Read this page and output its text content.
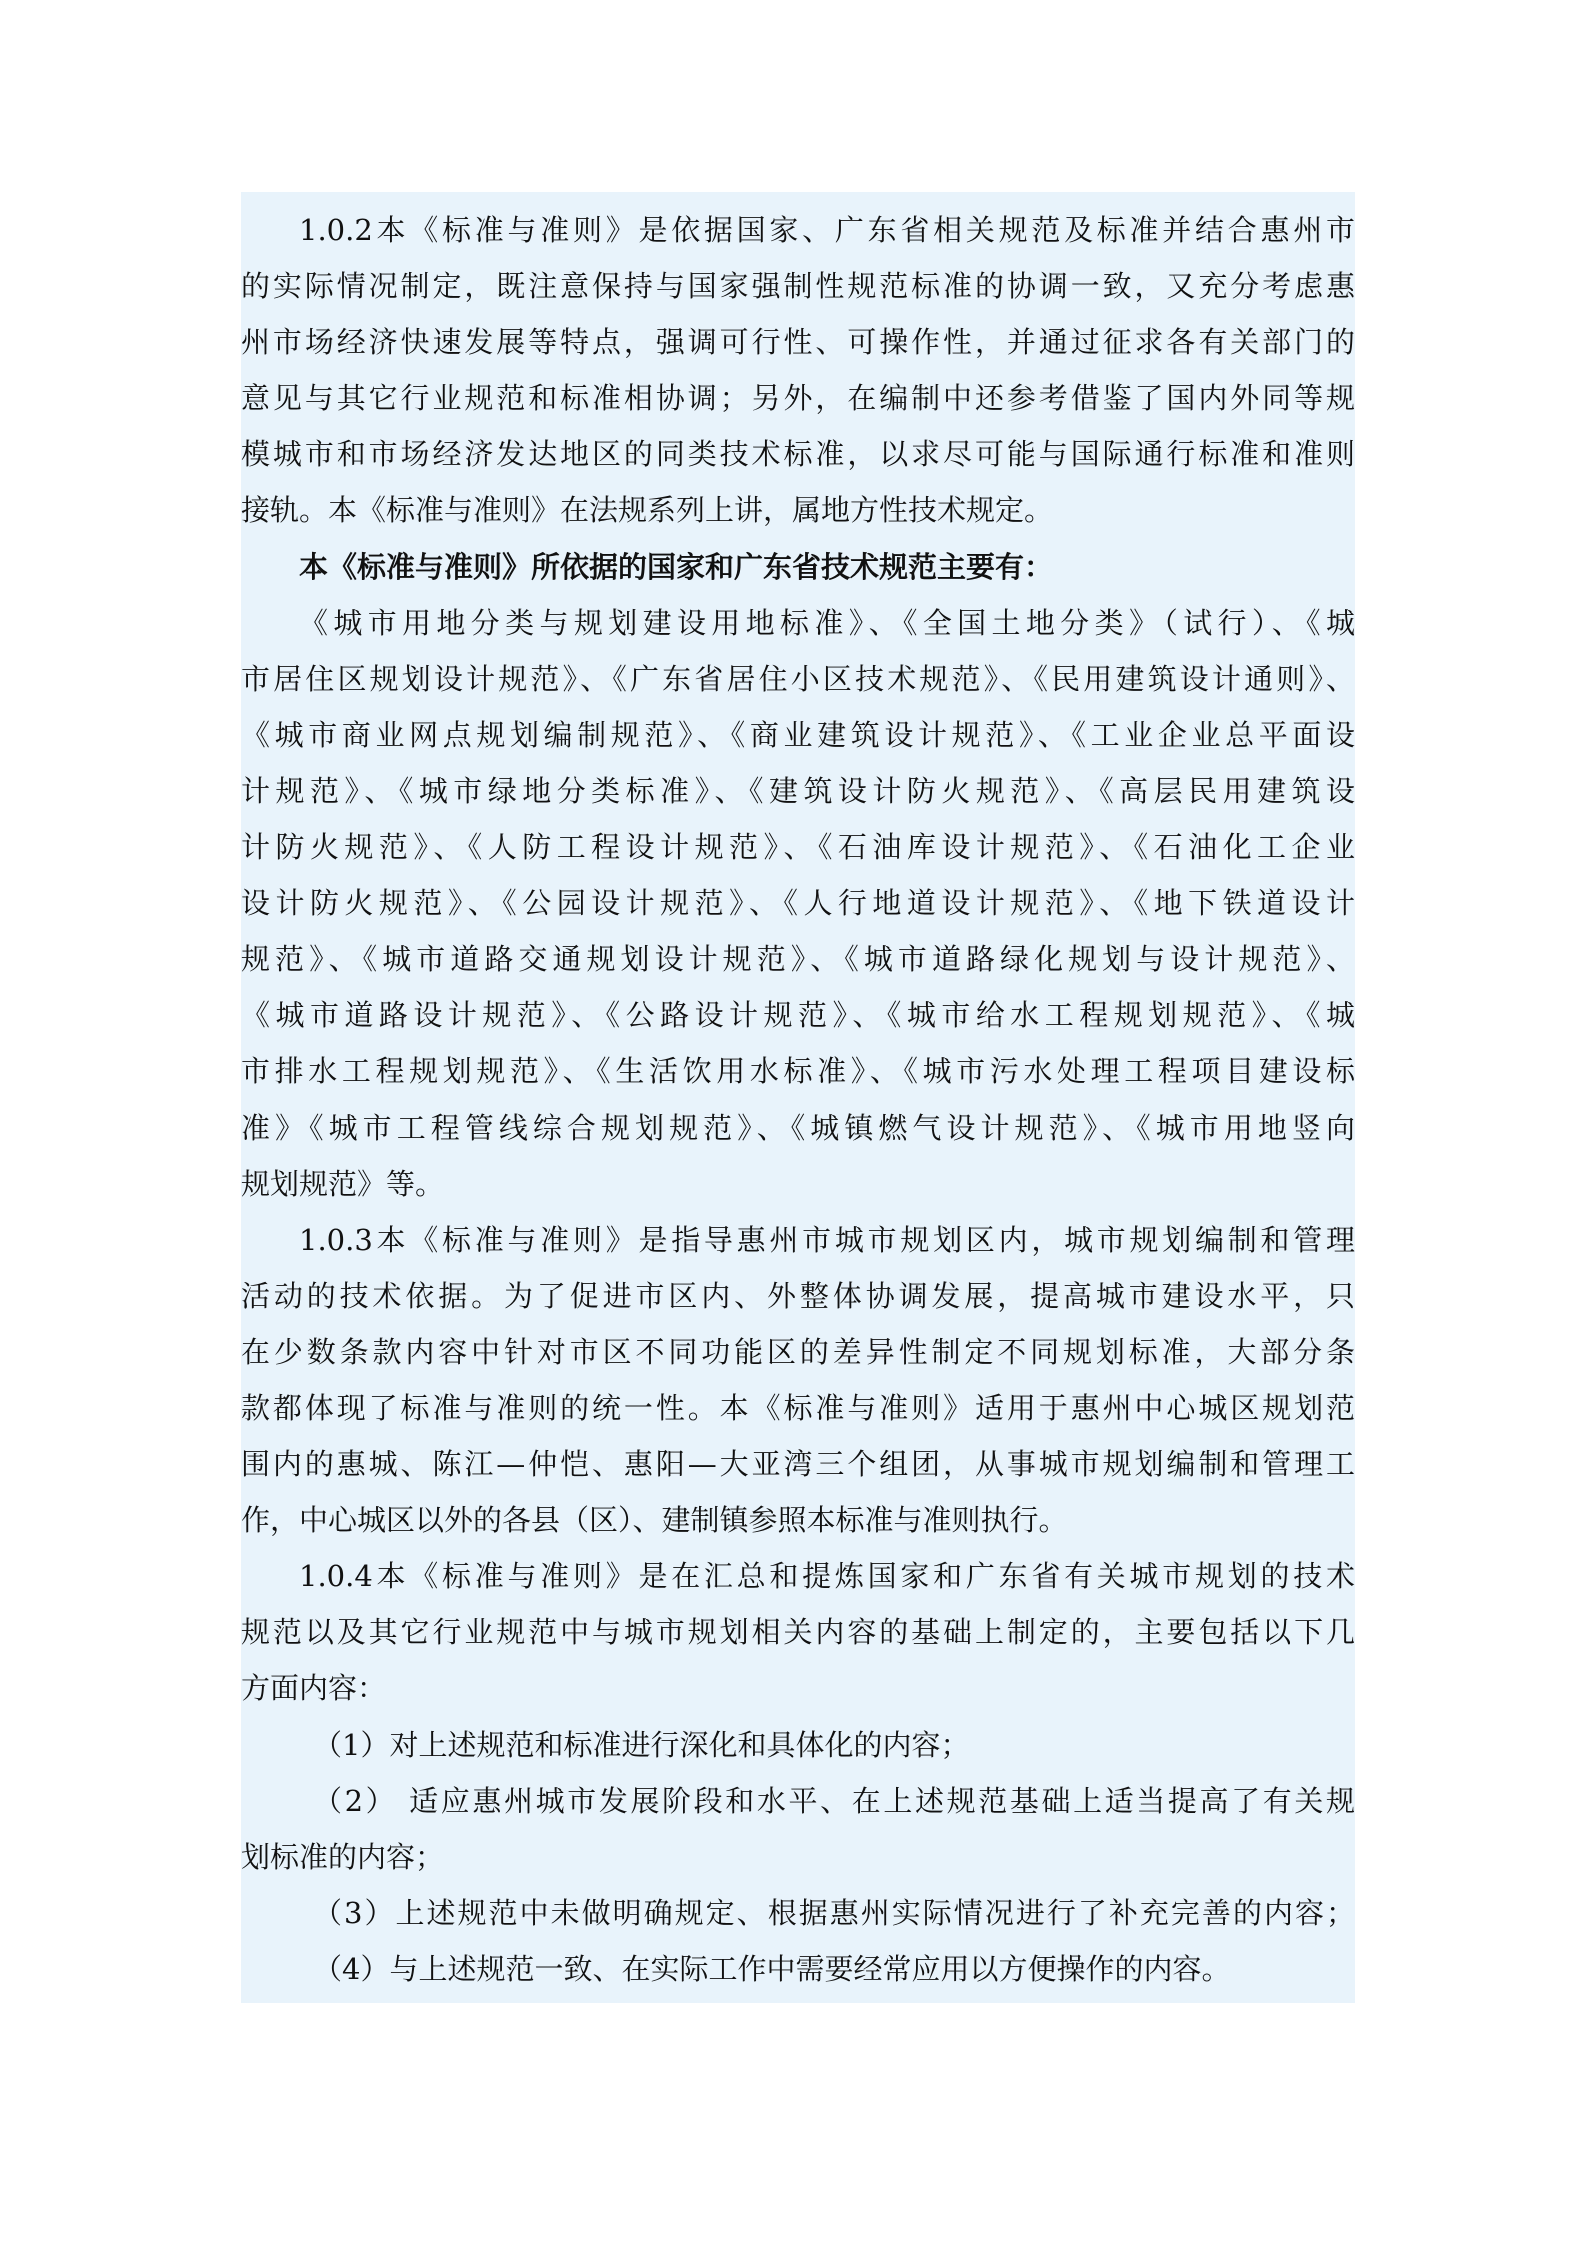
1.0.2本《标准与准则》是依据国家、广东省相关规范及标准并结合惠州市
的实际情况制定，既注意保持与国家强制性规范标准的协调一致，又充分考虑惠
州市场经济快速发展等特点，强调可行性、可操作性，并通过征求各有关部门的
意见与其它行业规范和标准相协调；另外，在编制中还参考借鉴了国内外同等规
模城市和市场经济发达地区的同类技术标准，以求尽可能与国际通行标准和准则
接轨。本《标准与准则》在法规系列上讲，属地方性技术规定。
本《标准与准则》所依据的国家和广东省技术规范主要有：
《城市用地分类与规划建设用地标准》、《全国土地分类》（试行）、《城
市居住区规划设计规范》、《广东省居住小区技术规范》、《民用建筑设计通则》、
《城市商业网点规划编制规范》、《商业建筑设计规范》、《工业企业总平面设
计规范》、《城市绿地分类标准》、《建筑设计防火规范》、《高层民用建筑设
计防火规范》、《人防工程设计规范》、《石油库设计规范》、《石油化工企业
设计防火规范》、《公园设计规范》、《人行地道设计规范》、《地下铁道设计
规范》、《城市道路交通规划设计规范》、《城市道路绿化规划与设计规范》、
《城市道路设计规范》、《公路设计规范》、《城市给水工程规划规范》、《城
市排水工程规划规范》、《生活饮用水标准》、《城市污水处理工程项目建设标
准》《城市工程管线综合规划规范》、《城镇燃气设计规范》、《城市用地竖向
规划规范》等。
1.0.3本《标准与准则》是指导惠州市城市规划区内，城市规划编制和管理
活动的技术依据。为了促进市区内、外整体协调发展，提高城市建设水平，只
在少数条款内容中针对市区不同功能区的差异性制定不同规划标准，大部分条
款都体现了标准与准则的统一性。本《标准与准则》适用于惠州中心城区规划范
围内的惠城、陈江—仲恺、惠阳—大亚湾三个组团，从事城市规划编制和管理工
作，中心城区以外的各县（区）、建制镇参照本标准与准则执行。
1.0.4本《标准与准则》是在汇总和提炼国家和广东省有关城市规划的技术
规范以及其它行业规范中与城市规划相关内容的基础上制定的，主要包括以下几
方面内容：
（1）对上述规范和标准进行深化和具体化的内容；
（2） 适应惠州城市发展阶段和水平、在上述规范基础上适当提高了有关规
划标准的内容；
（3）上述规范中未做明确规定、根据惠州实际情况进行了补充完善的内容；
（4）与上述规范一致、在实际工作中需要经常应用以方便操作的内容。
